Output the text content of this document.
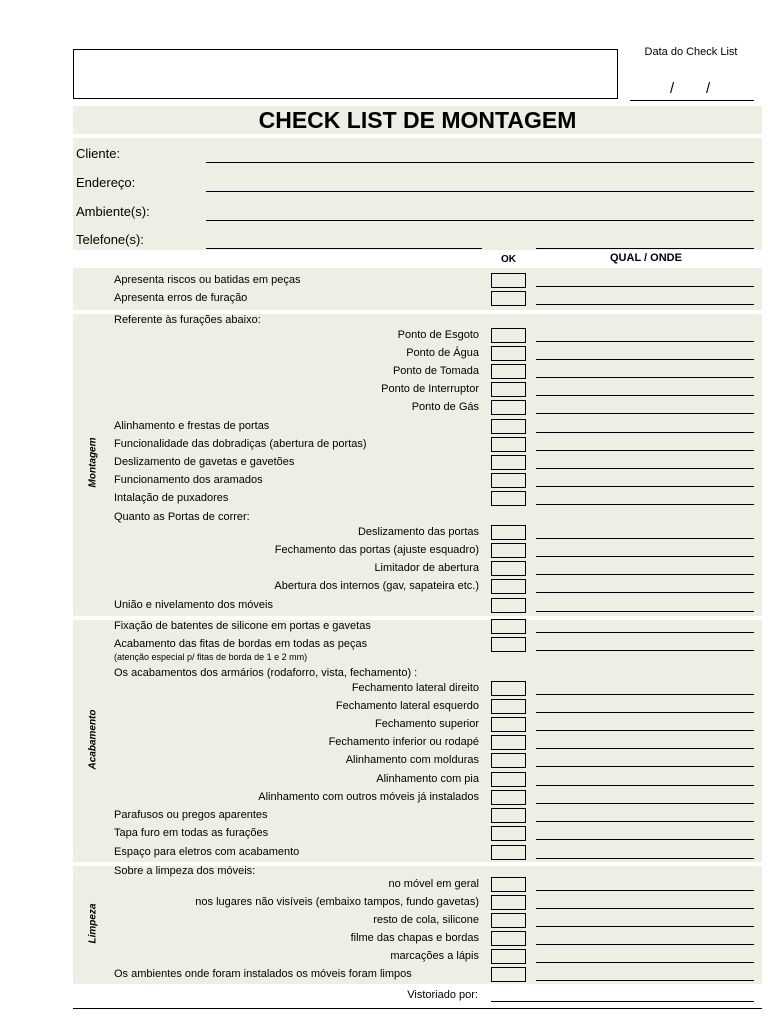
Data do Check List
/ /
CHECK LIST DE MONTAGEM
Cliente:
Endereço:
Ambiente(s):
Telefone(s):
OK	QUAL / ONDE
Apresenta riscos ou batidas em peças
Apresenta erros de furação
Montagem
Referente às furações abaixo:
Ponto de Esgoto
Ponto de Água
Ponto de Tomada
Ponto de Interruptor
Ponto de Gás
Alinhamento e frestas de portas
Funcionalidade das dobradiças (abertura de portas)
Deslizamento de gavetas e gavetões
Funcionamento dos aramados
Intalação de puxadores
Quanto as Portas de correr:
Deslizamento das portas
Fechamento das portas (ajuste esquadro)
Limitador de abertura
Abertura dos internos (gav, sapateira etc.)
União e nivelamento dos móveis
Acabamento
Fixação de batentes de silicone em portas e gavetas
Acabamento das fitas de bordas em todas as peças
(atenção especial p/ fitas de borda de 1 e 2 mm)
Os acabamentos dos armários (rodaforro, vista, fechamento) :
Fechamento lateral direito
Fechamento lateral esquerdo
Fechamento superior
Fechamento inferior ou rodapé
Alinhamento com molduras
Alinhamento com pia
Alinhamento com outros móveis já instalados
Parafusos ou pregos aparentes
Tapa furo em todas as furações
Espaço para eletros com acabamento
Limpeza
Sobre a limpeza dos móveis:
no móvel em geral
nos lugares não visíveis (embaixo tampos, fundo gavetas)
resto de cola, silicone
filme das chapas e bordas
marcações a lápis
Os ambientes onde foram instalados os móveis foram limpos
Vistoriado por:
